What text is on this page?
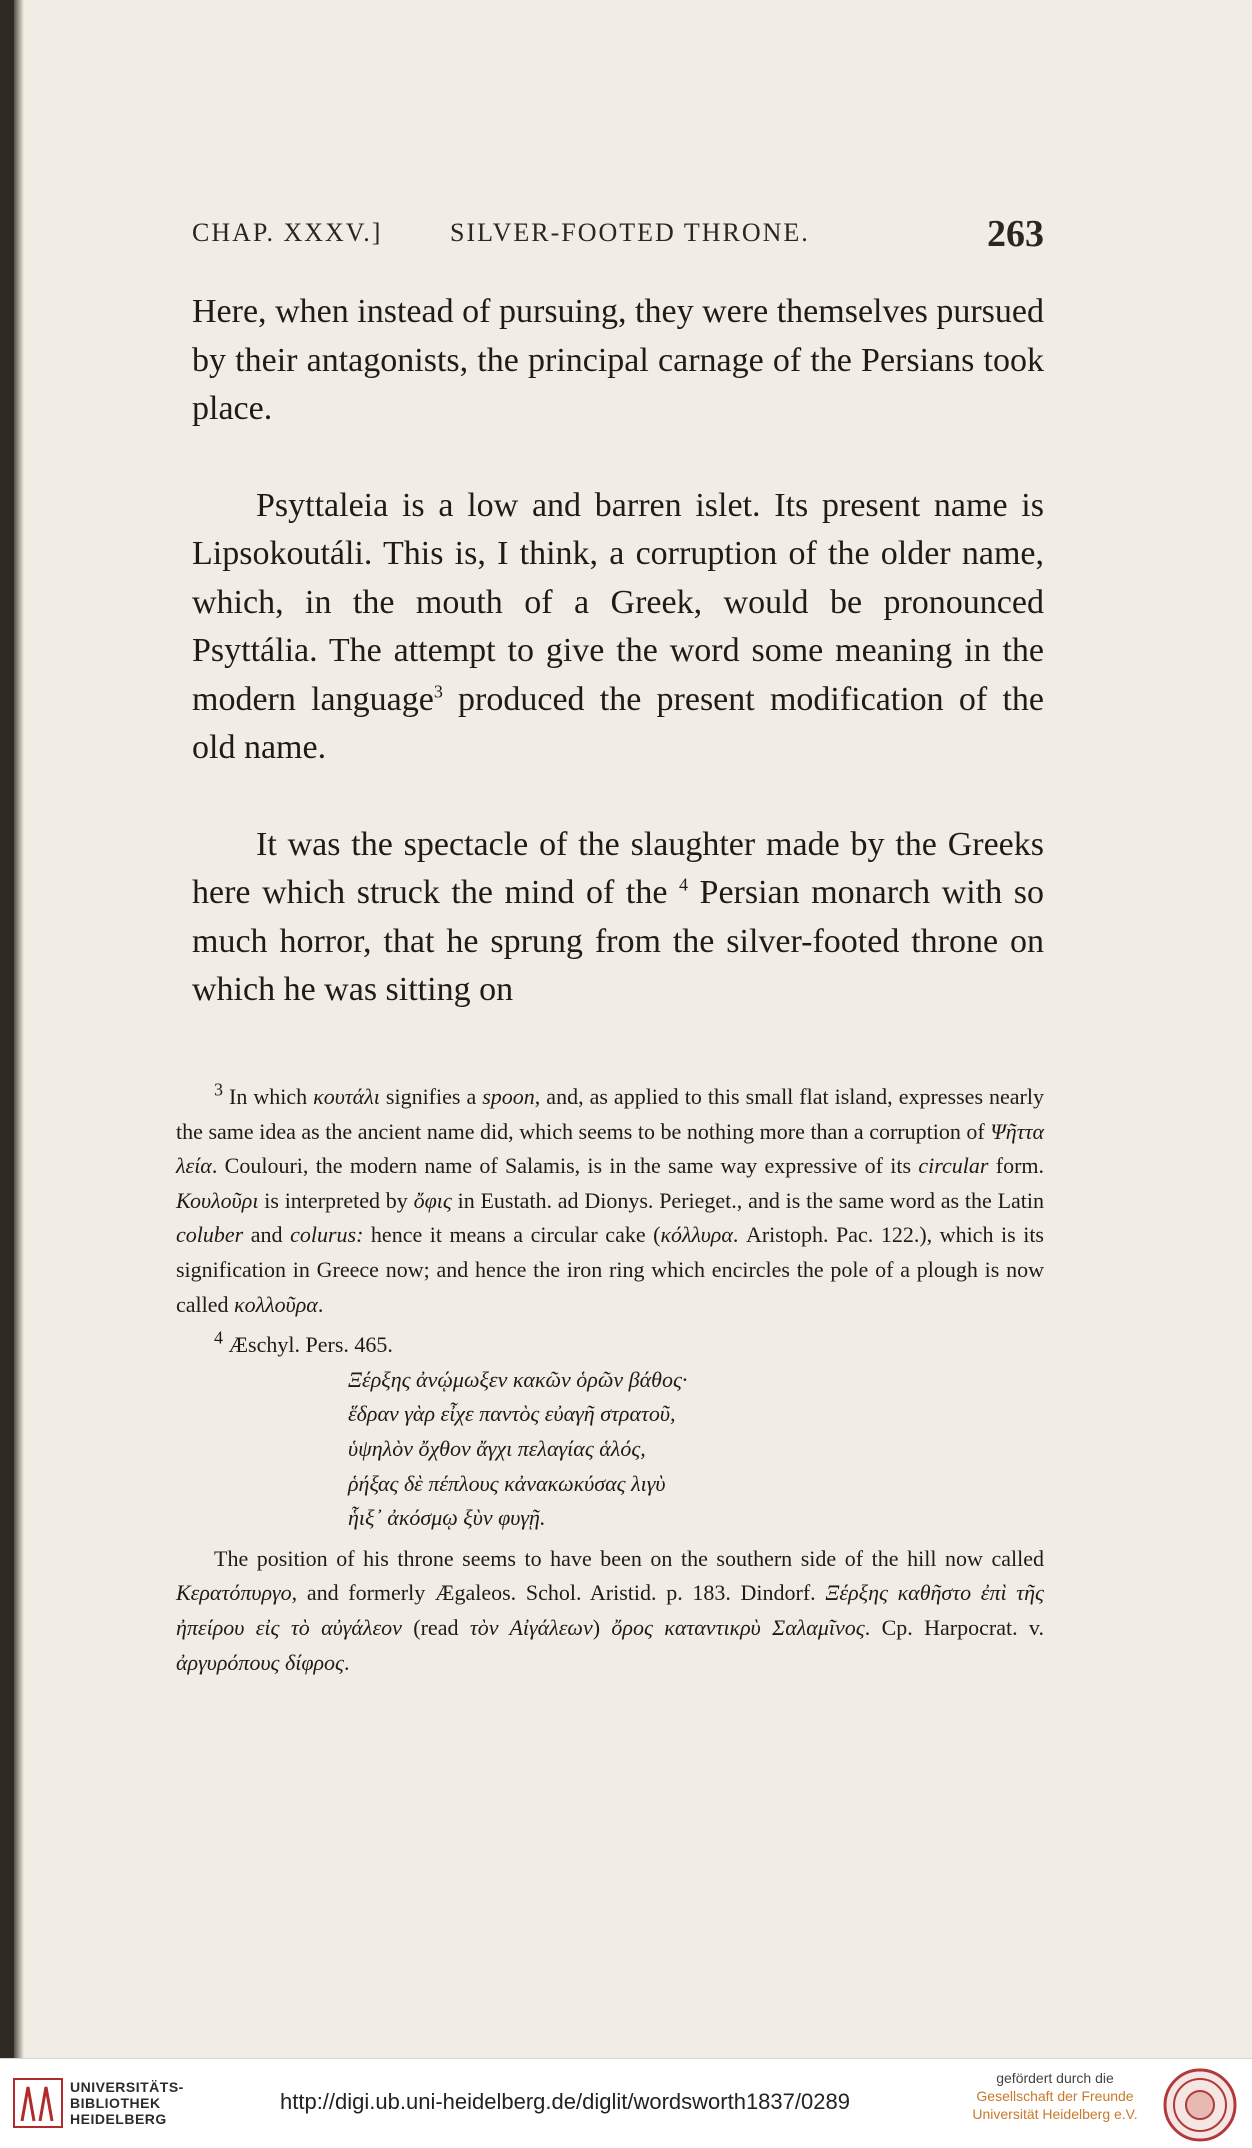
CHAP. XXXV.]	SILVER-FOOTED THRONE.	263

Here, when instead of pursuing, they were themselves pursued by their antagonists, the principal carnage of the Persians took place.

Psyttaleia is a low and barren islet. Its present name is Lipsokoutáli. This is, I think, a corruption of the older name, which, in the mouth of a Greek, would be pronounced Psyttália. The attempt to give the word some meaning in the modern language$^3$ produced the present modification of the old name.

It was the spectacle of the slaughter made by the Greeks here which struck the mind of the $^4$ Persian monarch with so much horror, that he sprung from the silver-footed throne on which he was sitting on

$^3$ In which κουτάλι signifies a spoon, and, as applied to this small flat island, expresses nearly the same idea as the ancient name did, which seems to be nothing more than a corruption of Ψῆττα λεία. Coulouri, the modern name of Salamis, is in the same way expressive of its circular form. Κουλοῦρι is interpreted by ὄφις in Eustath. ad Dionys. Perieget., and is the same word as the Latin coluber and colurus: hence it means a circular cake (κόλλυρα. Aristoph. Pac. 122.), which is its signification in Greece now; and hence the iron ring which encircles the pole of a plough is now called κολλοῦρα.

$^4$ Æschyl. Pers. 465.

Ξέρξης ἀνῴμωξεν κακῶν ὁρῶν βάθος·
ἕδραν γὰρ εἶχε παντὸς εὐαγῆ στρατοῦ,
ὑψηλὸν ὄχθον ἄγχι πελαγίας ἁλός,
ῥήξας δὲ πέπλους κἀνακωκύσας λιγὺ
ἧιξ᾽ ἀκόσμῳ ξὺν φυγῇ.

The position of his throne seems to have been on the southern side of the hill now called Κερατόπυργο, and formerly Ægaleos. Schol. Aristid. p. 183. Dindorf. Ξέρξης καθῆστο ἐπὶ τῆς ἠπείρου εἰς τὸ αὐγάλεον (read τὸν Αἰγάλεων) ὄρος καταντικρὺ Σαλαμῖνος. Cp. Harpocrat. v. ἀργυρόπους δίφρος.

UNIVERSITÄTS-
BIBLIOTHEK
HEIDELBERG
http://digi.ub.uni-heidelberg.de/diglit/wordsworth1837/0289
gefördert durch die
Gesellschaft der Freunde
Universität Heidelberg e.V.
